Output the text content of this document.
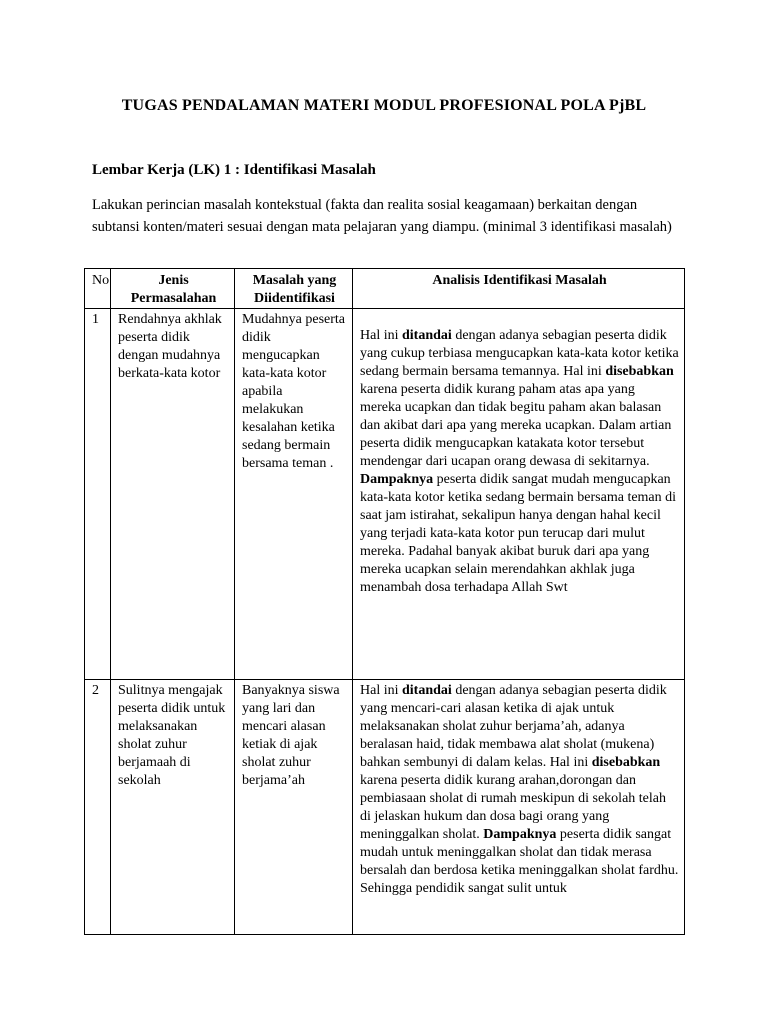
TUGAS PENDALAMAN MATERI MODUL PROFESIONAL POLA PjBL
Lembar Kerja (LK) 1 : Identifikasi Masalah
Lakukan perincian masalah kontekstual (fakta dan realita sosial keagamaan) berkaitan dengan subtansi konten/materi sesuai dengan mata pelajaran yang diampu. (minimal 3 identifikasi masalah)
No	Jenis Permasalahan	Masalah yang Diidentifikasi	Analisis Identifikasi Masalah
1	Rendahnya akhlak peserta didik dengan mudahnya berkata-kata kotor	Mudahnya peserta didik mengucapkan kata-kata kotor apabila melakukan kesalahan ketika sedang bermain bersama teman .	Hal ini ditandai dengan adanya sebagian peserta didik yang cukup terbiasa mengucapkan kata-kata kotor ketika sedang bermain bersama temannya. Hal ini disebabkan karena peserta didik kurang paham atas apa yang mereka ucapkan dan tidak begitu paham akan balasan dan akibat dari apa yang mereka ucapkan. Dalam artian peserta didik mengucapkan katakata kotor tersebut mendengar dari ucapan orang dewasa di sekitarnya. Dampaknya peserta didik sangat mudah mengucapkan kata-kata kotor ketika sedang bermain bersama teman di saat jam istirahat, sekalipun hanya dengan hahal kecil yang terjadi kata-kata kotor pun terucap dari mulut mereka. Padahal banyak akibat buruk dari apa yang mereka ucapkan selain merendahkan akhlak juga menambah dosa terhadapa Allah Swt
2	Sulitnya mengajak peserta didik untuk melaksanakan sholat zuhur berjamaah di sekolah	Banyaknya siswa yang lari dan mencari alasan ketiak di ajak sholat zuhur berjama’ah	Hal ini ditandai dengan adanya sebagian peserta didik yang mencari-cari alasan ketika di ajak untuk melaksanakan sholat zuhur berjama’ah, adanya beralasan haid, tidak membawa alat sholat (mukena) bahkan sembunyi di dalam kelas. Hal ini disebabkan karena peserta didik kurang arahan,dorongan dan pembiasaan sholat di rumah meskipun di sekolah telah di jelaskan hukum dan dosa bagi orang yang meninggalkan sholat. Dampaknya peserta didik sangat mudah untuk meninggalkan sholat dan tidak merasa bersalah dan berdosa ketika meninggalkan sholat fardhu. Sehingga pendidik sangat sulit untuk
